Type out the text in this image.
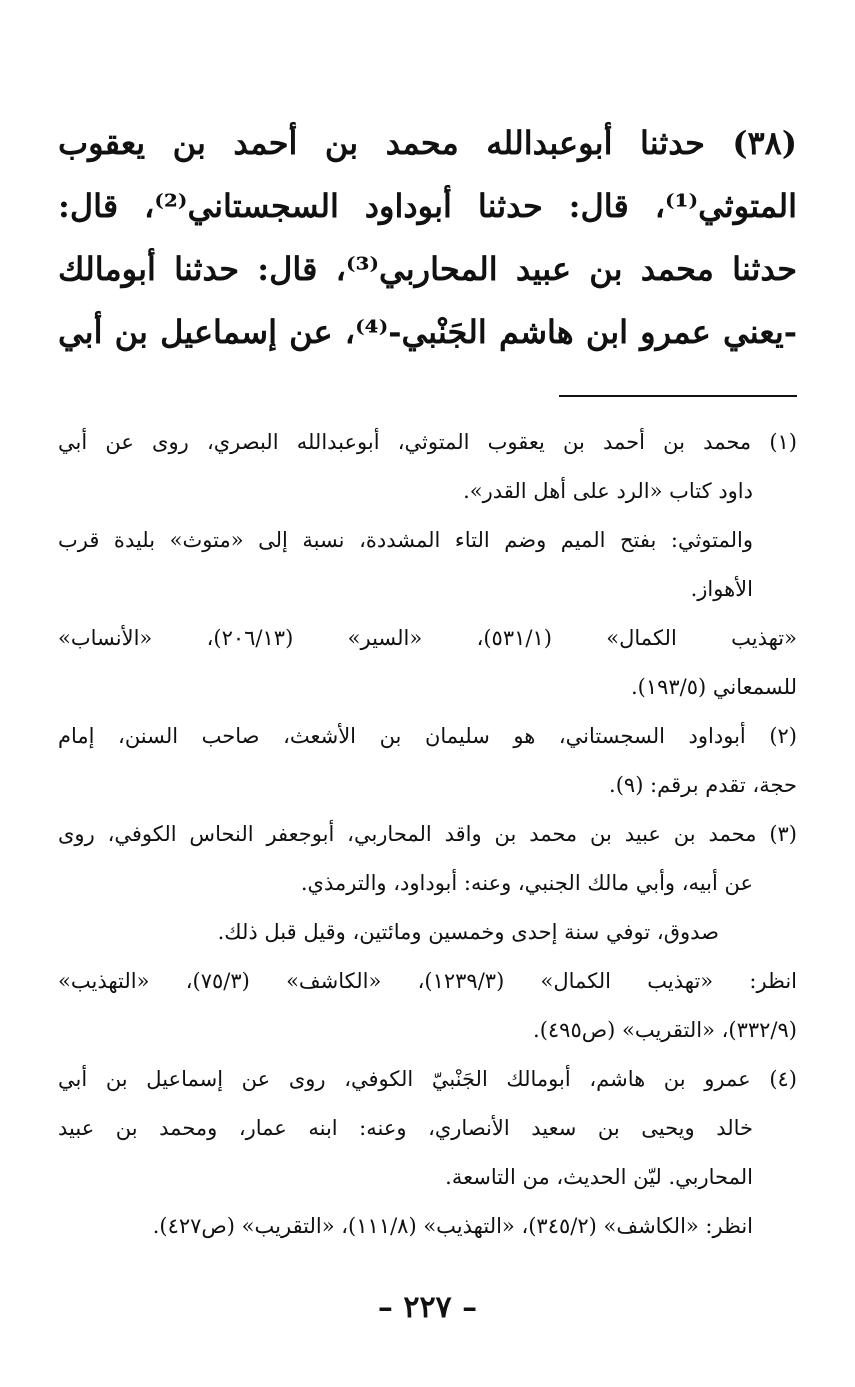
(٣٨) حدثنا أبوعبدالله محمد بن أحمد بن يعقوب
المتوثي⁽¹⁾، قال: حدثنا أبوداود السجستاني⁽²⁾، قال:
حدثنا محمد بن عبيد المحاربي⁽³⁾، قال: حدثنا أبومالك
-يعني عمرو ابن هاشم الجَنْبي-⁽⁴⁾، عن إسماعيل بن أبي
(١) محمد بن أحمد بن يعقوب المتوثي، أبوعبدالله البصري، روى عن أبي
داود كتاب «الرد على أهل القدر».
والمتوثي: بفتح الميم وضم التاء المشددة، نسبة إلى «متوث» بليدة قرب
الأهواز.
«تهذيب الكمال» (٥٣١/١)، «السير» (٢٠٦/١٣)، «الأنساب»
للسمعاني (١٩٣/٥).
(٢) أبوداود السجستاني، هو سليمان بن الأشعث، صاحب السنن، إمام
حجة، تقدم برقم: (٩).
(٣) محمد بن عبيد بن محمد بن واقد المحاربي، أبوجعفر النحاس الكوفي، روى
عن أبيه، وأبي مالك الجنبي، وعنه: أبوداود، والترمذي.
صدوق، توفي سنة إحدى وخمسين ومائتين، وقيل قبل ذلك.
انظر: «تهذيب الكمال» (١٢٣٩/٣)، «الكاشف» (٧٥/٣)، «التهذيب»
(٣٣٢/٩)، «التقريب» (ص٤٩٥).
(٤) عمرو بن هاشم، أبومالك الجَنْبيّ الكوفي، روى عن إسماعيل بن أبي
خالد ويحيى بن سعيد الأنصاري، وعنه: ابنه عمار، ومحمد بن عبيد
المحاربي. ليّن الحديث، من التاسعة.
انظر: «الكاشف» (٣٤٥/٢)، «التهذيب» (١١١/٨)، «التقريب» (ص٤٢٧).
– ٢٢٧ –
